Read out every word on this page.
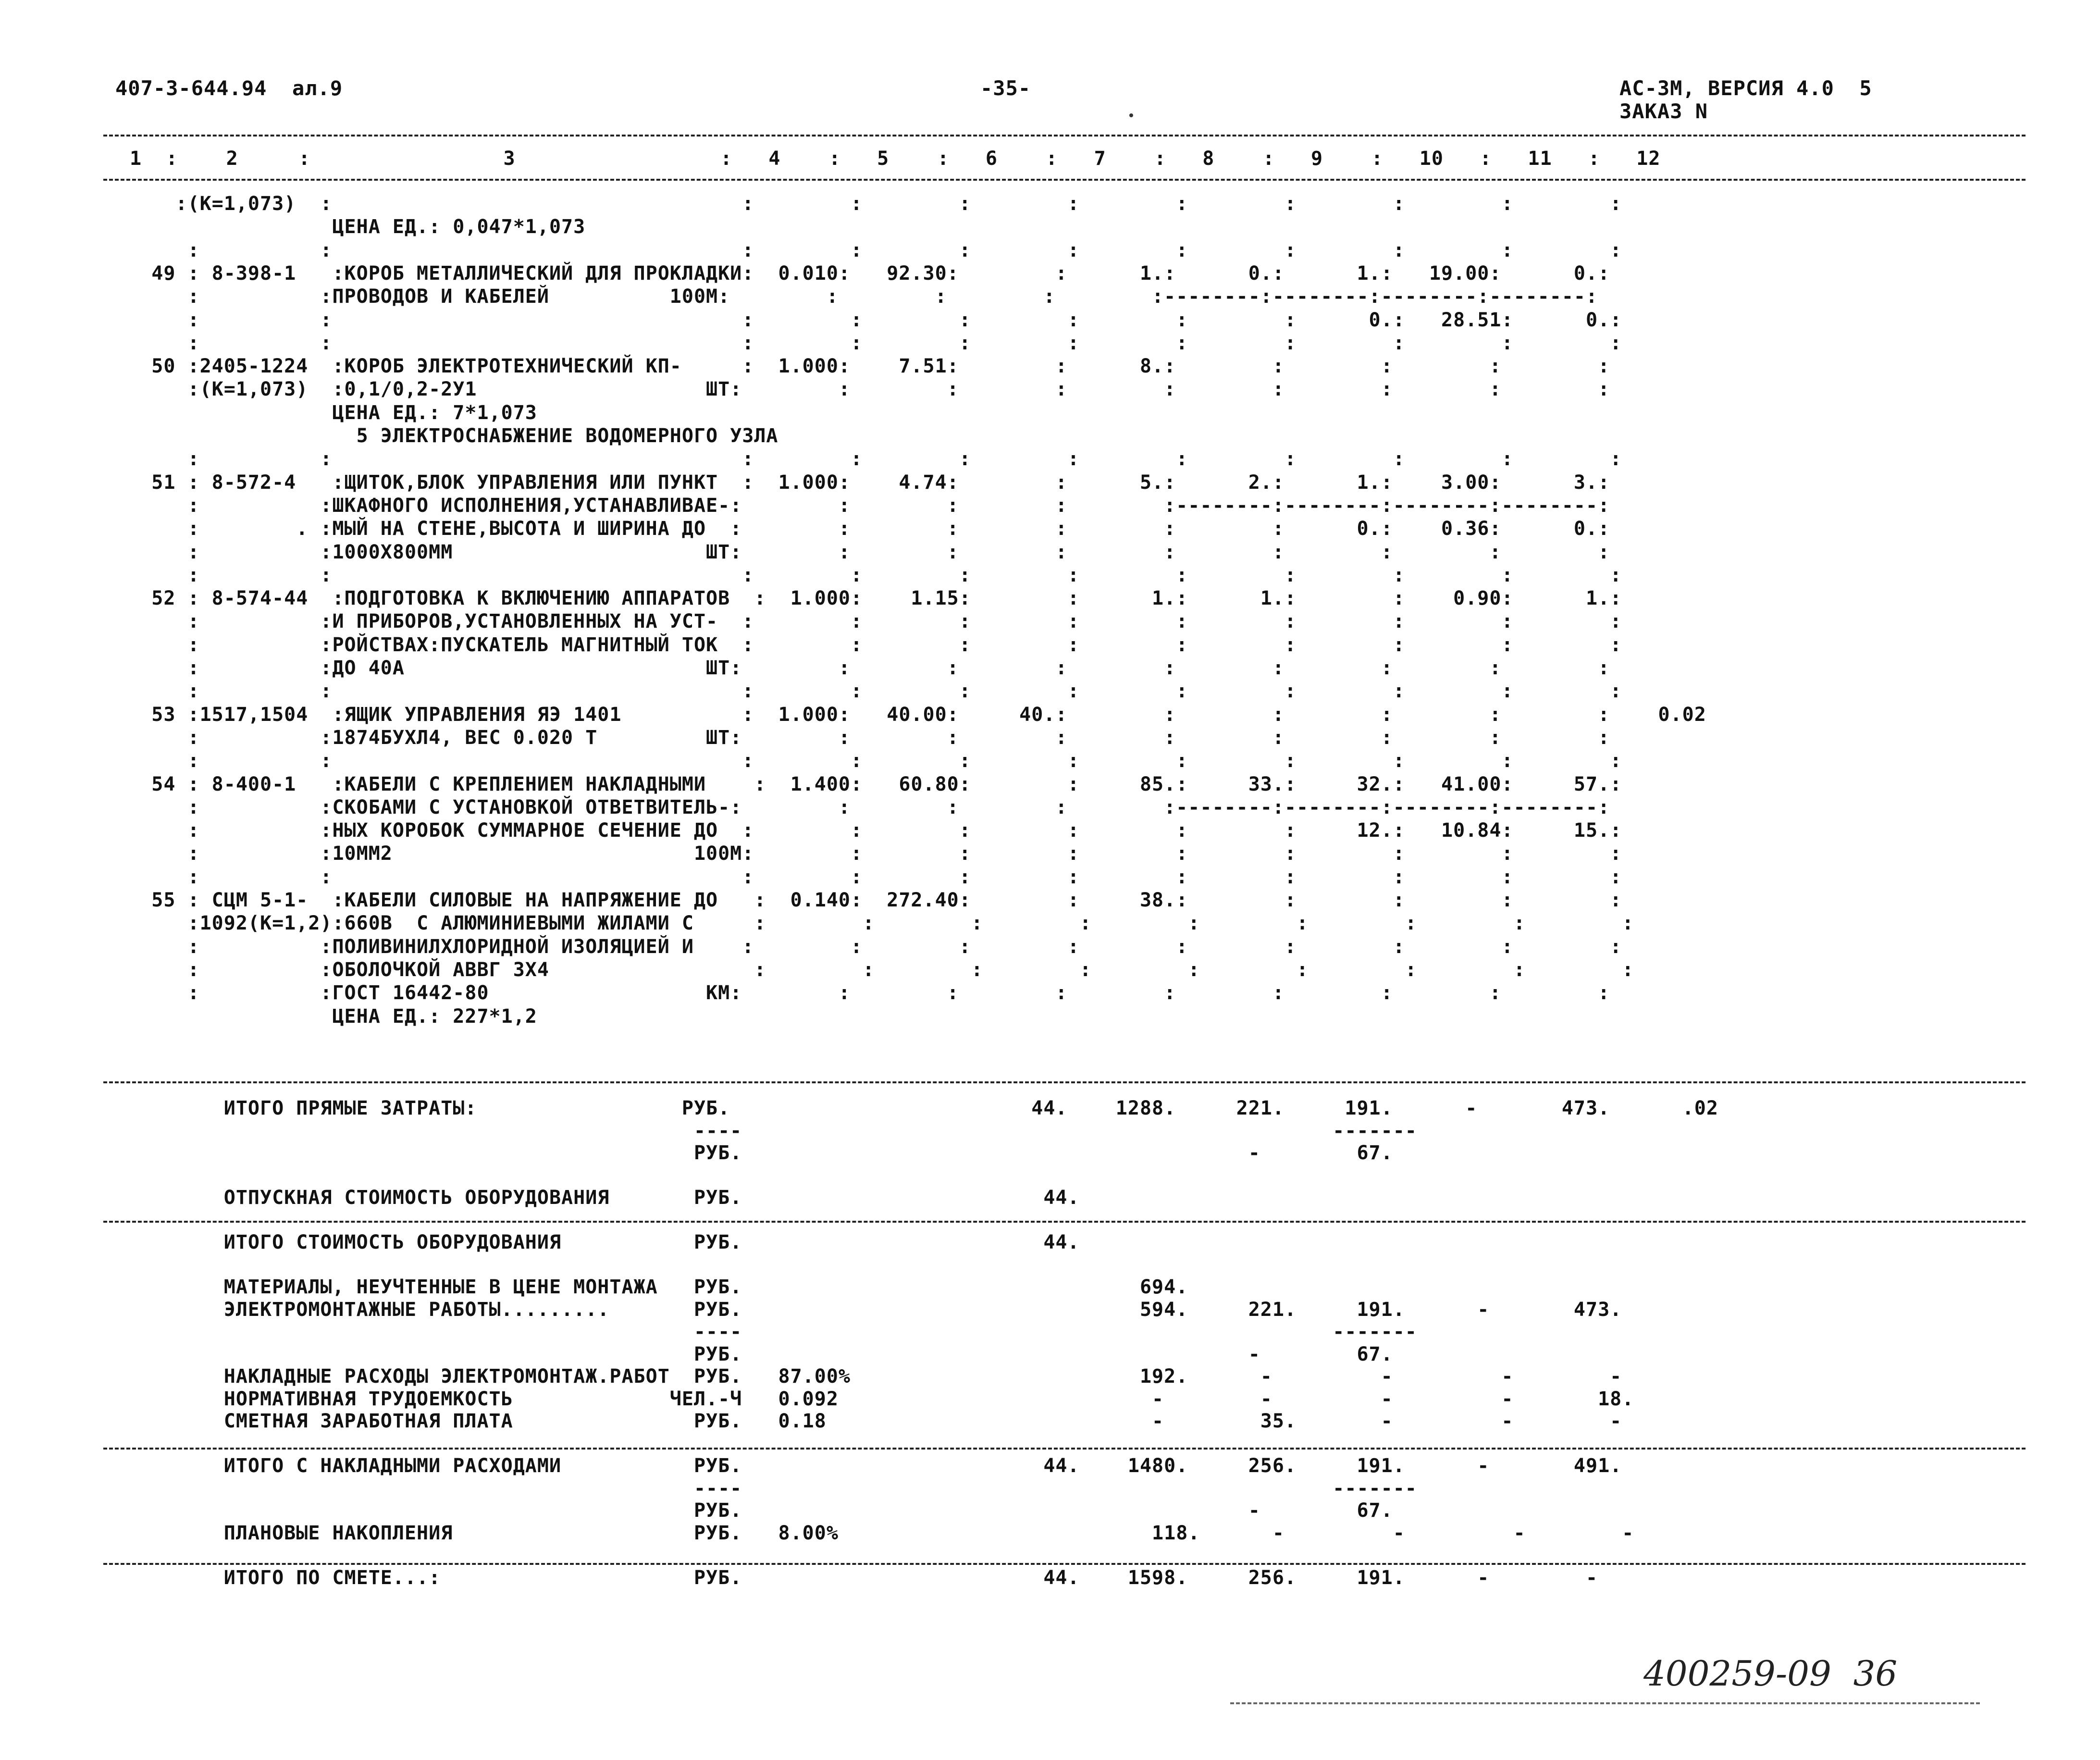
407-3-644.94  ал.9	-35-	АС-3М, ВЕРСИЯ 4.0  5
ЗАКАЗ N
1  :    2     :                3                 :   4    :   5    :   6    :   7    :   8    :   9    :   10   :   11   :   12
:(К=1,073)  :                                  :        :        :        :        :        :        :        :        :
ЦЕНА ЕД.: 0,047*1,073
:          :                                  :        :        :        :        :        :        :        :        :
49 : 8-398-1   :КОРОБ МЕТАЛЛИЧЕСКИЙ ДЛЯ ПРОКЛАДКИ:  0.010:   92.30:        :      1.:      0.:      1.:   19.00:      0.:
:          :ПРОВОДОВ И КАБЕЛЕЙ          100М:        :        :        :        :--------:--------:--------:--------:
:          :                                  :        :        :        :        :        :      0.:   28.51:      0.:
:          :                                  :        :        :        :        :        :        :        :        :
50 :2405-1224  :КОРОБ ЭЛЕКТРОТЕХНИЧЕСКИЙ КП-     :  1.000:    7.51:        :      8.:        :        :        :        :
:(К=1,073)  :0,1/0,2-2У1                   ШТ:        :        :        :        :        :        :        :        :
ЦЕНА ЕД.: 7*1,073
5 ЭЛЕКТРОСНАБЖЕНИЕ ВОДОМЕРНОГО УЗЛА
:          :                                  :        :        :        :        :        :        :        :        :
51 : 8-572-4   :ЩИТОК,БЛОК УПРАВЛЕНИЯ ИЛИ ПУНКТ  :  1.000:    4.74:        :      5.:      2.:      1.:    3.00:      3.:
:          :ШКАФНОГО ИСПОЛНЕНИЯ,УСТАНАВЛИВАЕ-:        :        :        :        :--------:--------:--------:--------:
:        . :МЫЙ НА СТЕНЕ,ВЫСОТА И ШИРИНА ДО  :        :        :        :        :        :      0.:    0.36:      0.:
:          :1000Х800ММ                     ШТ:        :        :        :        :        :        :        :        :
:          :                                  :        :        :        :        :        :        :        :        :
52 : 8-574-44  :ПОДГОТОВКА К ВКЛЮЧЕНИЮ АППАРАТОВ  :  1.000:    1.15:        :      1.:      1.:        :    0.90:      1.:
:          :И ПРИБОРОВ,УСТАНОВЛЕННЫХ НА УСТ-  :        :        :        :        :        :        :        :        :
:          :РОЙСТВАХ:ПУСКАТЕЛЬ МАГНИТНЫЙ ТОК  :        :        :        :        :        :        :        :        :
:          :ДО 40А                         ШТ:        :        :        :        :        :        :        :        :
:          :                                  :        :        :        :        :        :        :        :        :
53 :1517,1504  :ЯЩИК УПРАВЛЕНИЯ ЯЭ 1401          :  1.000:   40.00:     40.:        :        :        :        :        :    0.02
:          :1874БУХЛ4, ВЕС 0.020 Т         ШТ:        :        :        :        :        :        :        :        :
:          :                                  :        :        :        :        :        :        :        :        :
54 : 8-400-1   :КАБЕЛИ С КРЕПЛЕНИЕМ НАКЛАДНЫМИ    :  1.400:   60.80:        :     85.:     33.:     32.:   41.00:     57.:
:          :СКОБАМИ С УСТАНОВКОЙ ОТВЕТВИТЕЛЬ-:        :        :        :        :--------:--------:--------:--------:
:          :НЫХ КОРОБОК СУММАРНОЕ СЕЧЕНИЕ ДО  :        :        :        :        :        :     12.:   10.84:     15.:
:          :10ММ2                         100М:        :        :        :        :        :        :        :        :
:          :                                  :        :        :        :        :        :        :        :        :
55 : СЦМ 5-1-  :КАБЕЛИ СИЛОВЫЕ НА НАПРЯЖЕНИЕ ДО   :  0.140:  272.40:        :     38.:        :        :        :        :
:1092(К=1,2):660В  С АЛЮМИНИЕВЫМИ ЖИЛАМИ С     :        :        :        :        :        :        :        :        :
:          :ПОЛИВИНИЛХЛОРИДНОЙ ИЗОЛЯЦИЕЙ И    :        :        :        :        :        :        :        :        :
:          :ОБОЛОЧКОЙ АВВГ 3Х4                 :        :        :        :        :        :        :        :        :
:          :ГОСТ 16442-80                  КМ:        :        :        :        :        :        :        :        :
ЦЕНА ЕД.: 227*1,2
ИТОГО ПРЯМЫЕ ЗАТРАТЫ:                 РУБ.                         44.    1288.     221.     191.      -       473.      .02
----                                                 -------
РУБ.                                          -        67.
ОТПУСКНАЯ СТОИМОСТЬ ОБОРУДОВАНИЯ       РУБ.                         44.
ИТОГО СТОИМОСТЬ ОБОРУДОВАНИЯ           РУБ.                         44.
МАТЕРИАЛЫ, НЕУЧТЕННЫЕ В ЦЕНЕ МОНТАЖА   РУБ.                                 694.
ЭЛЕКТРОМОНТАЖНЫЕ РАБОТЫ.........       РУБ.                                 594.     221.     191.      -       473.
----                                                 -------
РУБ.                                          -        67.
НАКЛАДНЫЕ РАСХОДЫ ЭЛЕКТРОМОНТАЖ.РАБОТ  РУБ.   87.00%                        192.      -         -         -        -
НОРМАТИВНАЯ ТРУДОЕМКОСТЬ             ЧЕЛ.-Ч   0.092                          -        -         -         -       18.
СМЕТНАЯ ЗАРАБОТНАЯ ПЛАТА               РУБ.   0.18                           -        35.       -         -        -
ИТОГО С НАКЛАДНЫМИ РАСХОДАМИ           РУБ.                         44.    1480.     256.     191.      -       491.
----                                                 -------
РУБ.                                          -        67.
ПЛАНОВЫЕ НАКОПЛЕНИЯ                    РУБ.   8.00%                          118.      -         -         -        -
ИТОГО ПО СМЕТЕ...:                     РУБ.                         44.    1598.     256.     191.      -        -
400259-09  36
